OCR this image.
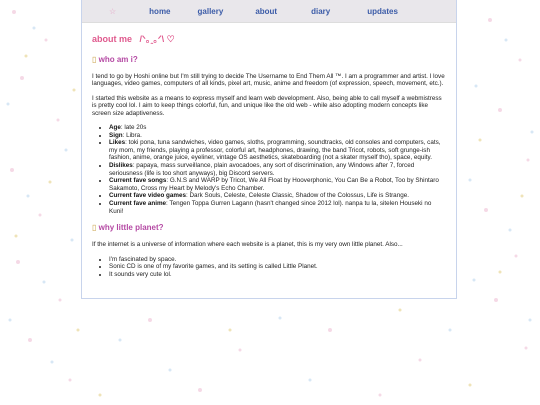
☆	home	gallery	about	diary	updates
about me   /ᐠ｡ꞈ｡ᐟ\ ♡
▯ who am i?

I tend to go by Hoshi online but I'm still trying to decide The Username to End Them All ™. I am a programmer and artist. I love languages, video games, computers of all kinds, pixel art, music, anime and freedom (of expression, speech, movement, etc.).

I started this website as a means to express myself and learn web development. Also, being able to call myself a webmistress is pretty cool lol. I aim to keep things colorful, fun, and unique like the old web - while also adopting modern concepts like screen size adaptiveness.

• Age: late 20s
• Sign: Libra.
• Likes: toki pona, tuna sandwiches, video games, sloths, programming, soundtracks, old consoles and computers, cats, my mom, my friends, playing a professor, colorful art, headphones, drawing, the band Tricot, robots, soft grunge-ish fashion, anime, orange juice, eyeliner, vintage OS aesthetics, skateboarding (not a skater myself tho), space, equity.
• Dislikes: papaya, mass surveillance, plain avocadoes, any sort of discrimination, any Windows after 7, forced seriousness (life is too short anyways), big Discord servers.
• Current fave songs: G.N.S and WARP by Tricot, We All Float by Hooverphonic, You Can Be a Robot, Too by Shintaro Sakamoto, Cross my Heart by Melody's Echo Chamber.
• Current fave video games: Dark Souls, Celeste, Celeste Classic, Shadow of the Colossus, Life is Strange.
• Current fave anime: Tengen Toppa Gurren Lagann (hasn't changed since 2012 lol). nanpa tu la, sitelen Houseki no Kuni!
▯ why little planet?

If the internet is a universe of information where each website is a planet, this is my very own little planet. Also...

• I'm fascinated by space.
• Sonic CD is one of my favorite games, and its setting is called Little Planet.
• It sounds very cute lol.
